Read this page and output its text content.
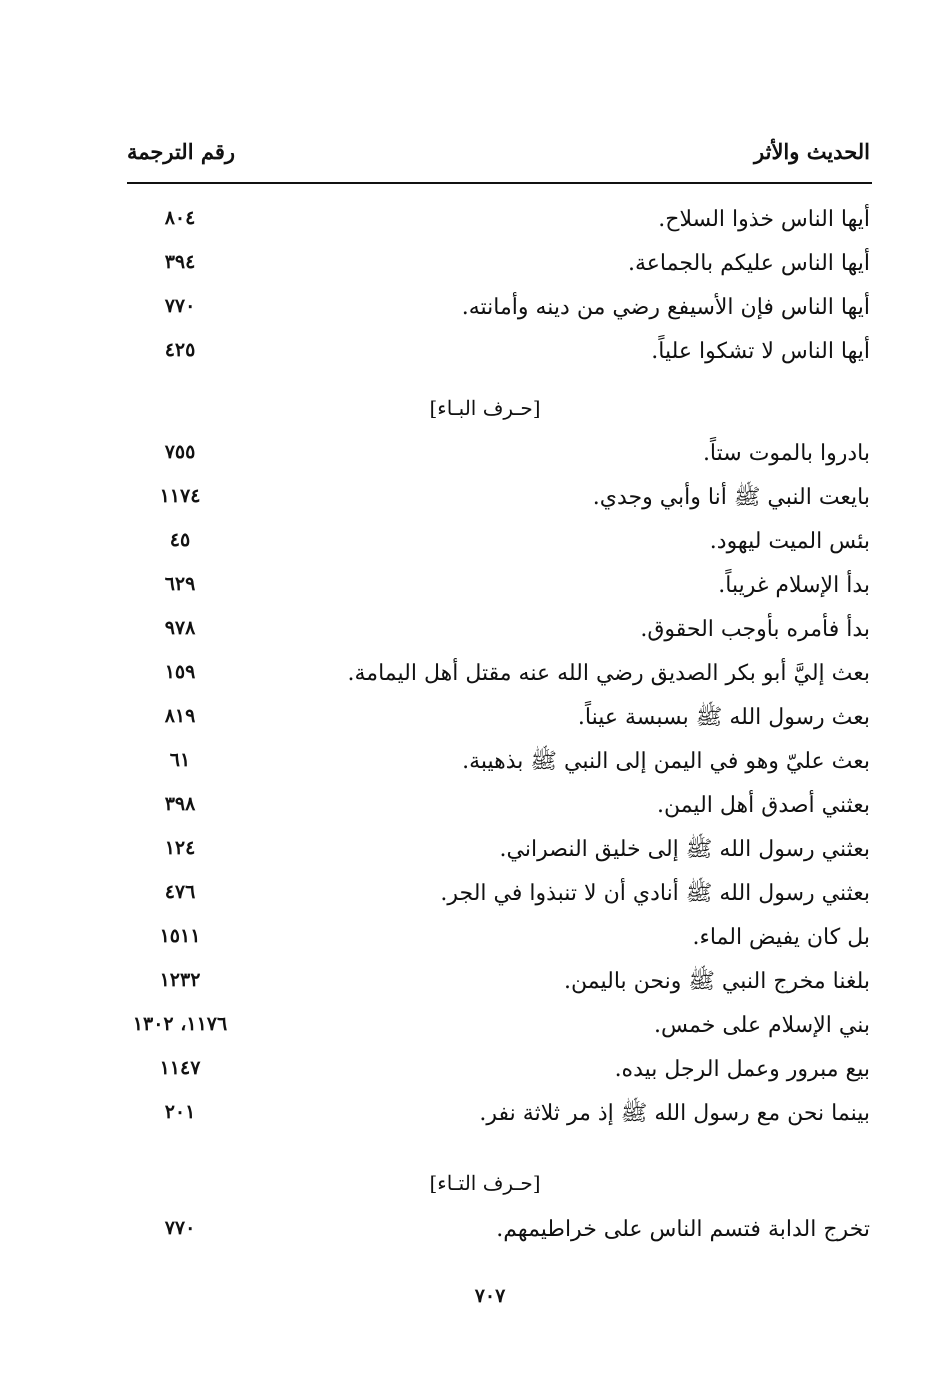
الحديث والأثر
رقم الترجمة
أيها الناس خذوا السلاح.
٨٠٤
أيها الناس عليكم بالجماعة.
٣٩٤
أيها الناس فإن الأسيفع رضي من دينه وأمانته.
٧٧٠
أيها الناس لا تشكوا علياً.
٤٢٥
[حـرف البـاء]
بادروا بالموت ستاً.
٧٥٥
بايعت النبي ﷺ أنا وأبي وجدي.
١١٧٤
بئس الميت ليهود.
٤٥
بدأ الإسلام غريباً.
٦٢٩
بدأ فأمره بأوجب الحقوق.
٩٧٨
بعث إليَّ أبو بكر الصديق رضي الله عنه مقتل أهل اليمامة.
١٥٩
بعث رسول الله ﷺ بسبسة عيناً.
٨١٩
بعث عليّ وهو في اليمن إلى النبي ﷺ بذهيبة.
٦١
بعثني أصدق أهل اليمن.
٣٩٨
بعثني رسول الله ﷺ إلى خليق النصراني.
١٢٤
بعثني رسول الله ﷺ أنادي أن لا تنبذوا في الجر.
٤٧٦
بل كان يفيض الماء.
١٥١١
بلغنا مخرج النبي ﷺ ونحن باليمن.
١٢٣٢
بني الإسلام على خمس.
١١٧٦، ١٣٠٢
بيع مبرور وعمل الرجل بيده.
١١٤٧
بينما نحن مع رسول الله ﷺ إذ مر ثلاثة نفر.
٢٠١
[حـرف التـاء]
تخرج الدابة فتسم الناس على خراطيمهم.
٧٧٠
٧٠٧
